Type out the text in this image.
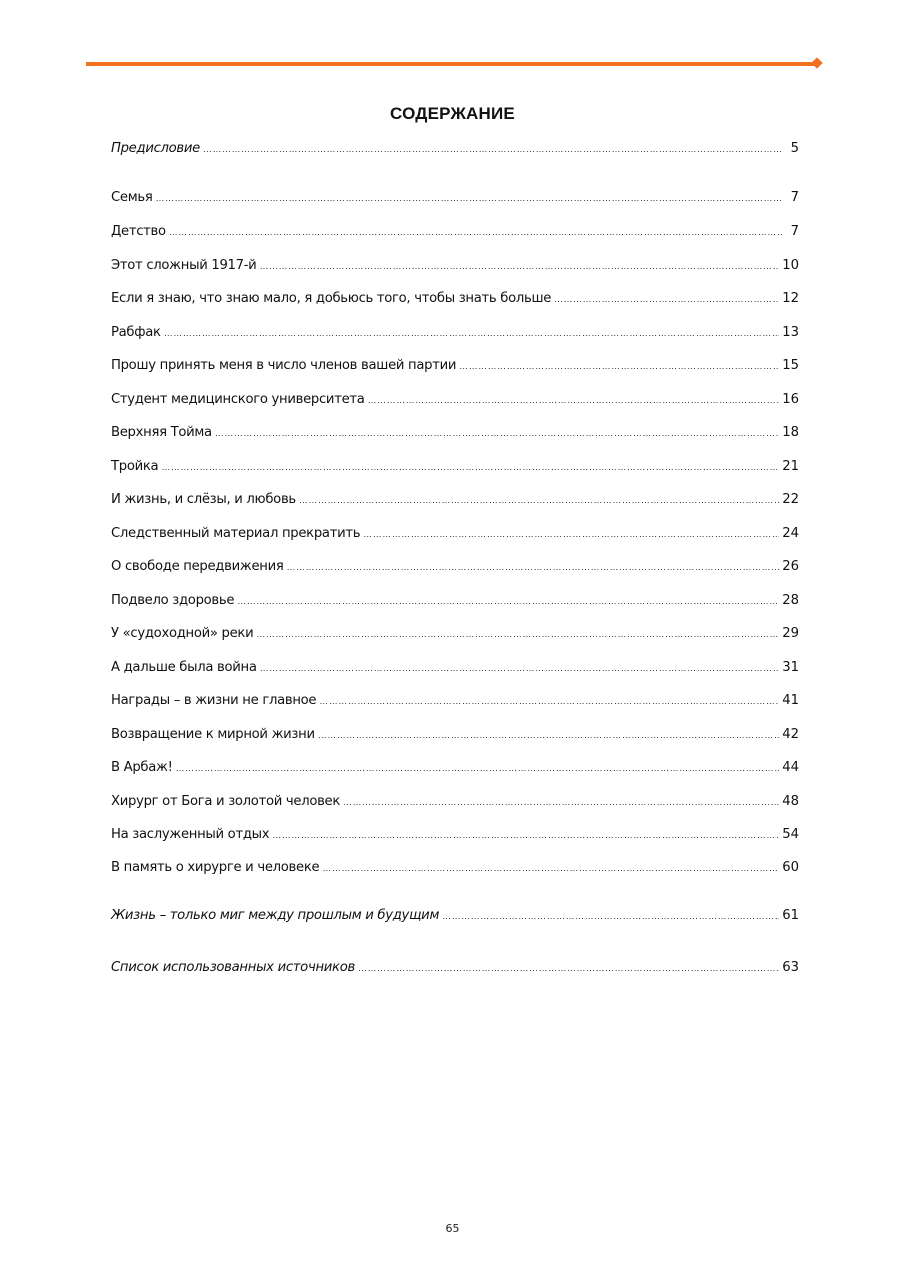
СОДЕРЖАНИЕ
Предисловие ……………………………………………………………………………………………………………………………………………………………………………………………………………………………………	5
Семья ……………………………………………………………………………………………………………………………………………………………………………………………………………………………………	7
Детство ……………………………………………………………………………………………………………………………………………………………………………………………………………………………………	7
Этот сложный 1917-й ……………………………………………………………………………………………………………………………………………………………………………………………………………………………………	10
Если я знаю, что знаю мало, я добьюсь того, чтобы знать больше ……………………………………………………………………………………………………………………………………………………………………………………………………………………………………	12
Рабфак ……………………………………………………………………………………………………………………………………………………………………………………………………………………………………	13
Прошу принять меня в число членов вашей партии ……………………………………………………………………………………………………………………………………………………………………………………………………………………………………	15
Студент медицинского университета ……………………………………………………………………………………………………………………………………………………………………………………………………………………………………	16
Верхняя Тойма ……………………………………………………………………………………………………………………………………………………………………………………………………………………………………	18
Тройка ……………………………………………………………………………………………………………………………………………………………………………………………………………………………………	21
И жизнь, и слёзы, и любовь ……………………………………………………………………………………………………………………………………………………………………………………………………………………………………	22
Следственный материал прекратить ……………………………………………………………………………………………………………………………………………………………………………………………………………………………………	24
О свободе передвижения ……………………………………………………………………………………………………………………………………………………………………………………………………………………………………	26
Подвело здоровье ……………………………………………………………………………………………………………………………………………………………………………………………………………………………………	28
У «судоходной» реки ……………………………………………………………………………………………………………………………………………………………………………………………………………………………………	29
А дальше была война ……………………………………………………………………………………………………………………………………………………………………………………………………………………………………	31
Награды – в жизни не главное ……………………………………………………………………………………………………………………………………………………………………………………………………………………………………	41
Возвращение к мирной жизни ……………………………………………………………………………………………………………………………………………………………………………………………………………………………………	42
В Арбаж! ……………………………………………………………………………………………………………………………………………………………………………………………………………………………………	44
Хирург от Бога и золотой человек ……………………………………………………………………………………………………………………………………………………………………………………………………………………………………	48
На заслуженный отдых ……………………………………………………………………………………………………………………………………………………………………………………………………………………………………	54
В память о хирурге и человеке ……………………………………………………………………………………………………………………………………………………………………………………………………………………………………	60
Жизнь – только миг между прошлым и будущим ……………………………………………………………………………………………………………………………………………………………………………………………………………………………………	61
Список использованных источников ……………………………………………………………………………………………………………………………………………………………………………………………………………………………………	63
65
